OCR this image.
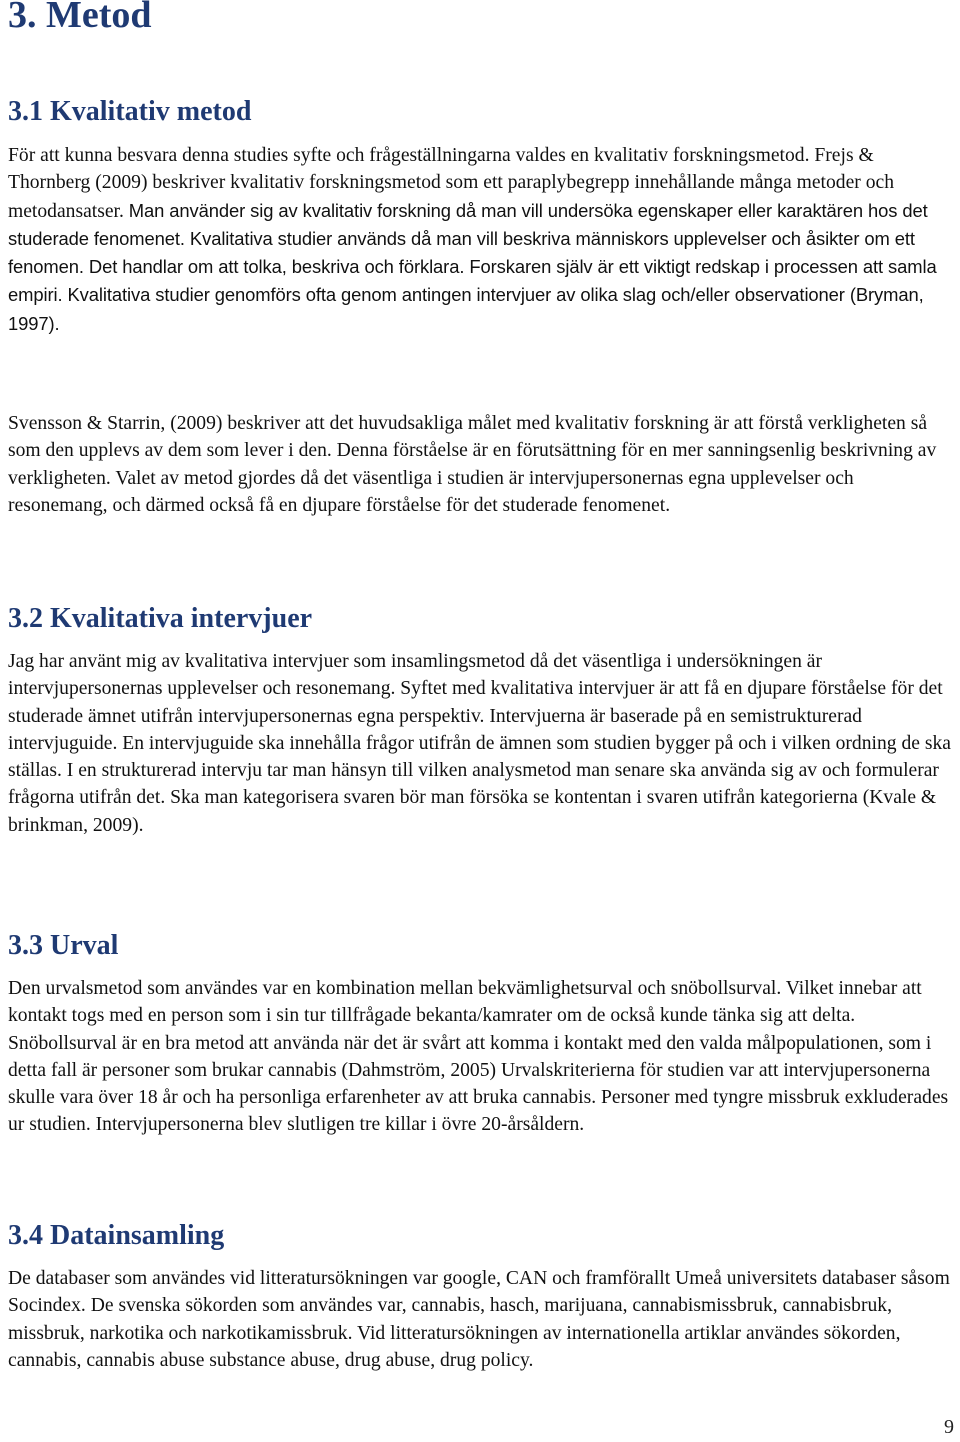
3. Metod
3.1 Kvalitativ metod

För att kunna besvara denna studies syfte och frågeställningarna valdes en kvalitativ forskningsmetod. Frejs & Thornberg (2009) beskriver kvalitativ forskningsmetod som ett paraplybegrepp innehållande många metoder och metodansatser. Man använder sig av kvalitativ forskning då man vill undersöka egenskaper eller karaktären hos det studerade fenomenet. Kvalitativa studier används då man vill beskriva människors upplevelser och åsikter om ett fenomen. Det handlar om att tolka, beskriva och förklara. Forskaren själv är ett viktigt redskap i processen att samla empiri. Kvalitativa studier genomförs ofta genom antingen intervjuer av olika slag och/eller observationer (Bryman, 1997).

Svensson & Starrin, (2009) beskriver att det huvudsakliga målet med kvalitativ forskning är att förstå verkligheten så som den upplevs av dem som lever i den. Denna förståelse är en förutsättning för en mer sanningsenlig beskrivning av verkligheten. Valet av metod gjordes då det väsentliga i studien är intervjupersonernas egna upplevelser och resonemang, och därmed också få en djupare förståelse för det studerade fenomenet.

3.2 Kvalitativa intervjuer

Jag har använt mig av kvalitativa intervjuer som insamlingsmetod då det väsentliga i undersökningen är intervjupersonernas upplevelser och resonemang. Syftet med kvalitativa intervjuer är att få en djupare förståelse för det studerade ämnet utifrån intervjupersonernas egna perspektiv. Intervjuerna är baserade på en semistrukturerad intervjuguide. En intervjuguide ska innehålla frågor utifrån de ämnen som studien bygger på och i vilken ordning de ska ställas. I en strukturerad intervju tar man hänsyn till vilken analysmetod man senare ska använda sig av och formulerar frågorna utifrån det. Ska man kategorisera svaren bör man försöka se kontentan i svaren utifrån kategorierna (Kvale & brinkman, 2009).

3.3 Urval

Den urvalsmetod som användes var en kombination mellan bekvämlighetsurval och snöbollsurval. Vilket innebar att kontakt togs med en person som i sin tur tillfrågade bekanta/kamrater om de också kunde tänka sig att delta. Snöbollsurval är en bra metod att använda när det är svårt att komma i kontakt med den valda målpopulationen, som i detta fall är personer som brukar cannabis (Dahmström, 2005) Urvalskriterierna för studien var att intervjupersonerna skulle vara över 18 år och ha personliga erfarenheter av att bruka cannabis. Personer med tyngre missbruk exkluderades ur studien. Intervjupersonerna blev slutligen tre killar i övre 20-årsåldern.

3.4 Datainsamling

De databaser som användes vid litteratursökningen var google, CAN och framförallt Umeå universitets databaser såsom Socindex. De svenska sökorden som användes var, cannabis, hasch, marijuana, cannabismissbruk, cannabisbruk, missbruk, narkotika och narkotikamissbruk. Vid litteratursökningen av internationella artiklar användes sökorden, cannabis, cannabis abuse substance abuse, drug abuse, drug policy.

9
